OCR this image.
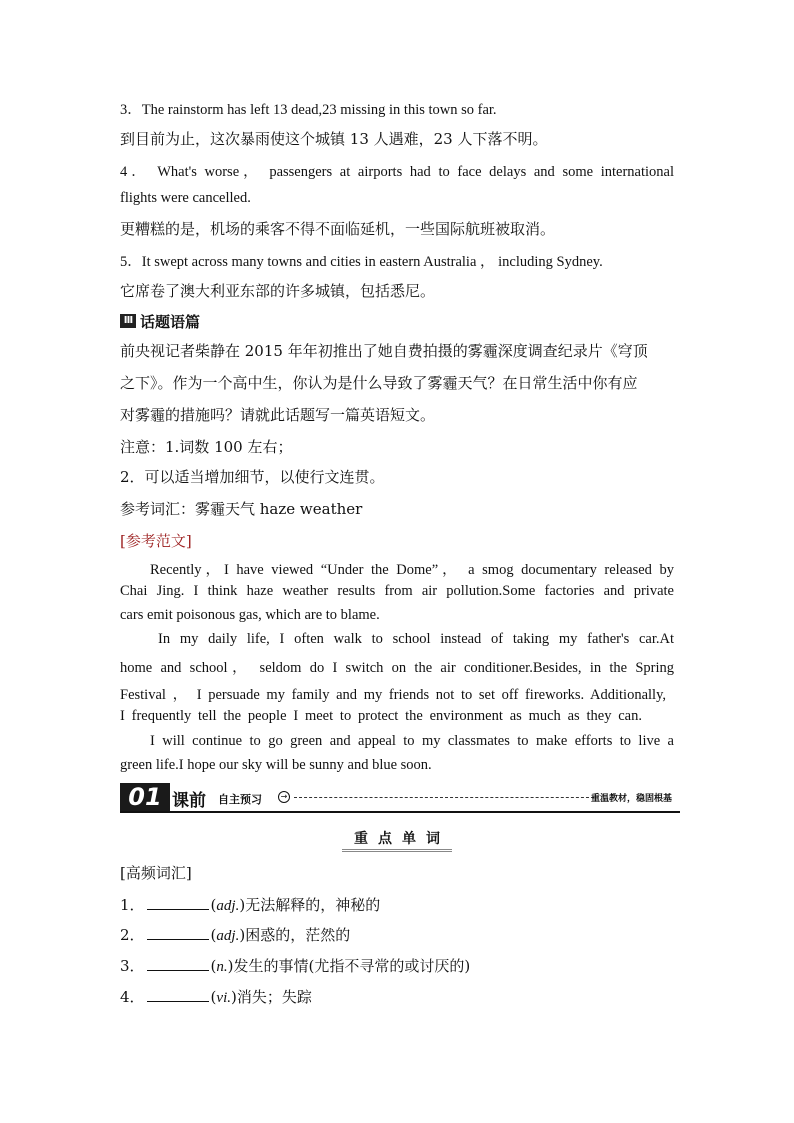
3．The rainstorm has left 13 dead,23 missing in this town so far.
到目前为止，这次暴雨使这个城镇 13 人遇难，23 人下落不明。
4． What's worse， passengers at airports had to face delays and some international
flights were cancelled.
更糟糕的是，机场的乘客不得不面临延机，一些国际航班被取消。
5．It swept across many towns and cities in eastern Australia ， including Sydney.
它席卷了澳大利亚东部的许多城镇，包括悉尼。
Ⅲ 话题语篇
前央视记者柴静在 2015 年年初推出了她自费拍摄的雾霾深度调查纪录片《穹顶
之下》。作为一个高中生，你认为是什么导致了雾霾天气？在日常生活中你有应
对雾霾的措施吗？请就此话题写一篇英语短文。
注意：1.词数 100 左右；
2．可以适当增加细节，以使行文连贯。
参考词汇：雾霾天气 haze weather
[参考范文]
Recently，I have viewed “Under the Dome”， a smog documentary released by
Chai Jing. I think haze weather results from air pollution.Some factories and private
cars emit poisonous gas, which are to blame.
In my daily life, I often walk to school instead of taking my father's car.At
home and school， seldom do I switch on the air conditioner.Besides, in the Spring
Festival ， I persuade my family and my friends not to set off fireworks. Additionally,
I frequently tell the people I meet to protect the environment as much as they can.
I will continue to go green and appeal to my classmates to make efforts to live a
green life.I hope our sky will be sunny and blue soon.
01 课前 自主预习	→	重温教材，稳固根基
重点单词
[高频词汇]
1．	(adj.)无法解释的，神秘的
2．	(adj.)困惑的，茫然的
3．	(n.)发生的事情(尤指不寻常的或讨厌的)
4．	(vi.)消失；失踪
